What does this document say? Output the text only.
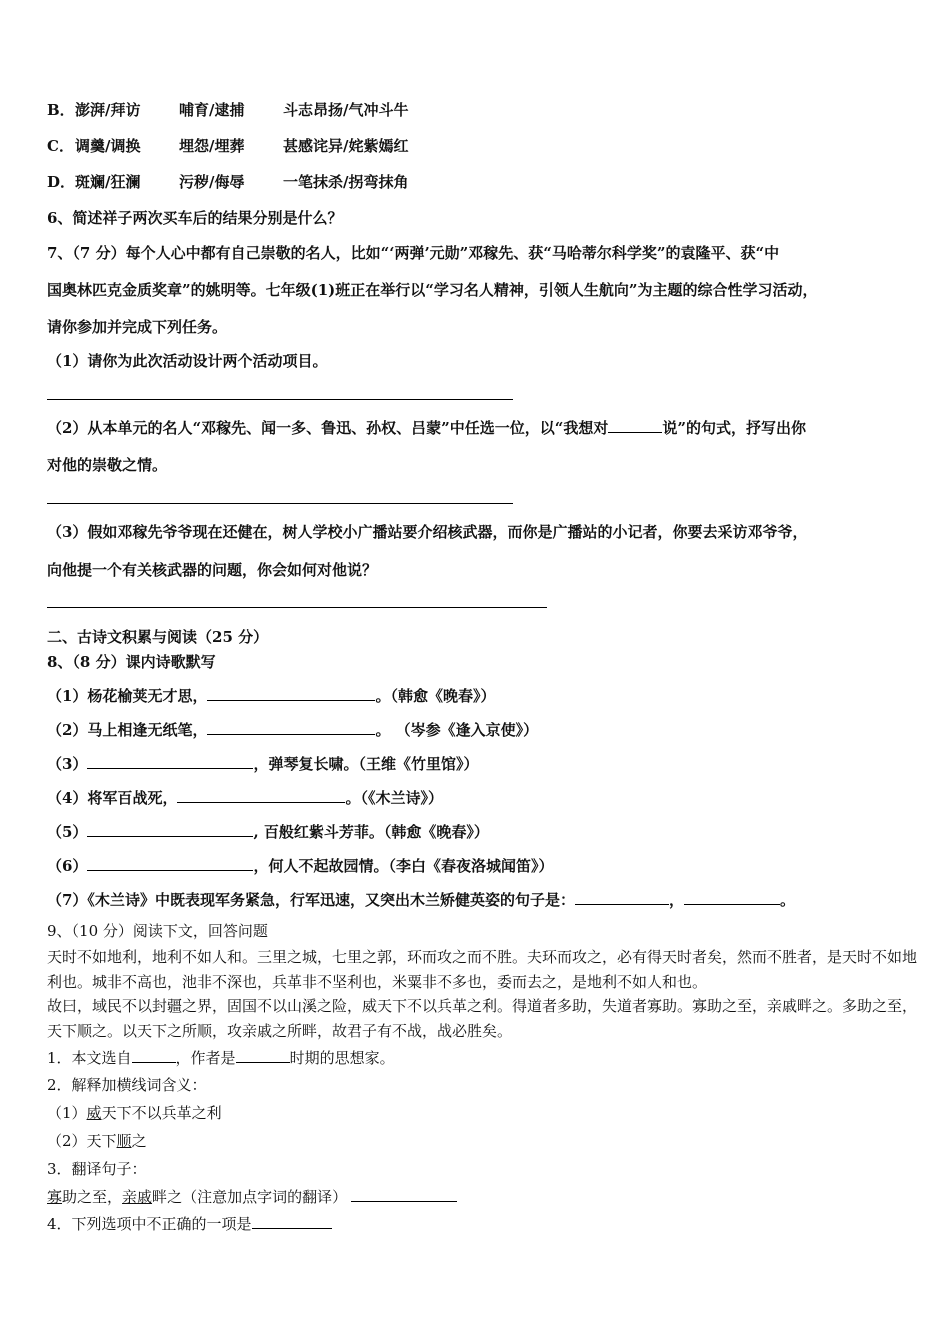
B．澎湃/拜访	哺育/逮捕	斗志昂扬/气冲斗牛
C．调羹/调换	埋怨/埋葬	甚感诧异/姹紫嫣红
D．斑斓/狂澜	污秽/侮辱	一笔抹杀/拐弯抹角
6、简述祥子两次买车后的结果分别是什么？
7、（7 分）每个人心中都有自己崇敬的名人，比如“‘两弹’元勋”邓稼先、获“马哈蒂尔科学奖”的袁隆平、获“中
国奥林匹克金质奖章”的姚明等。七年级(1)班正在举行以“学习名人精神，引领人生航向”为主题的综合性学习活动，
请你参加并完成下列任务。
（1）请你为此次活动设计两个活动项目。
（2）从本单元的名人“邓稼先、闻一多、鲁迅、孙权、吕蒙”中任选一位，以“我想对	说”的句式，抒写出你
对他的崇敬之情。
（3）假如邓稼先爷爷现在还健在，树人学校小广播站要介绍核武器，而你是广播站的小记者，你要去采访邓爷爷，
向他提一个有关核武器的问题，你会如何对他说？
二、古诗文积累与阅读（25 分）
8、（8 分）课内诗歌默写
（1）杨花榆荚无才思，	。（韩愈《晚春》）
（2）马上相逢无纸笔，	。 （岑参《逢入京使》）
（3）	，弹琴复长啸。（王维《竹里馆》）
（4）将军百战死，	。（《木兰诗》）
（5）	, 百般红紫斗芳菲。（韩愈《晚春》）
（6）	，何人不起故园情。（李白《春夜洛城闻笛》）
（7）《木兰诗》中既表现军务紧急，行军迅速，又突出木兰矫健英姿的句子是：	，	。
9、（10 分）阅读下文，回答问题
天时不如地利，地利不如人和。三里之城，七里之郭，环而攻之而不胜。夫环而攻之，必有得天时者矣，然而不胜者，是天时不如地利也。城非不高也，池非不深也，兵革非不坚利也，米粟非不多也，委而去之，是地利不如人和也。
故曰，域民不以封疆之界，固国不以山溪之险，威天下不以兵革之利。得道者多助，失道者寡助。寡助之至，亲戚畔之。多助之至，天下顺之。以天下之所顺，攻亲戚之所畔，故君子有不战，战必胜矣。
1．本文选自	，作者是	时期的思想家。
2．解释加横线词含义：
（1）威天下不以兵革之利
（2）天下顺之
3．翻译句子：
寡助之至，亲戚畔之（注意加点字词的翻译）
4．下列选项中不正确的一项是
